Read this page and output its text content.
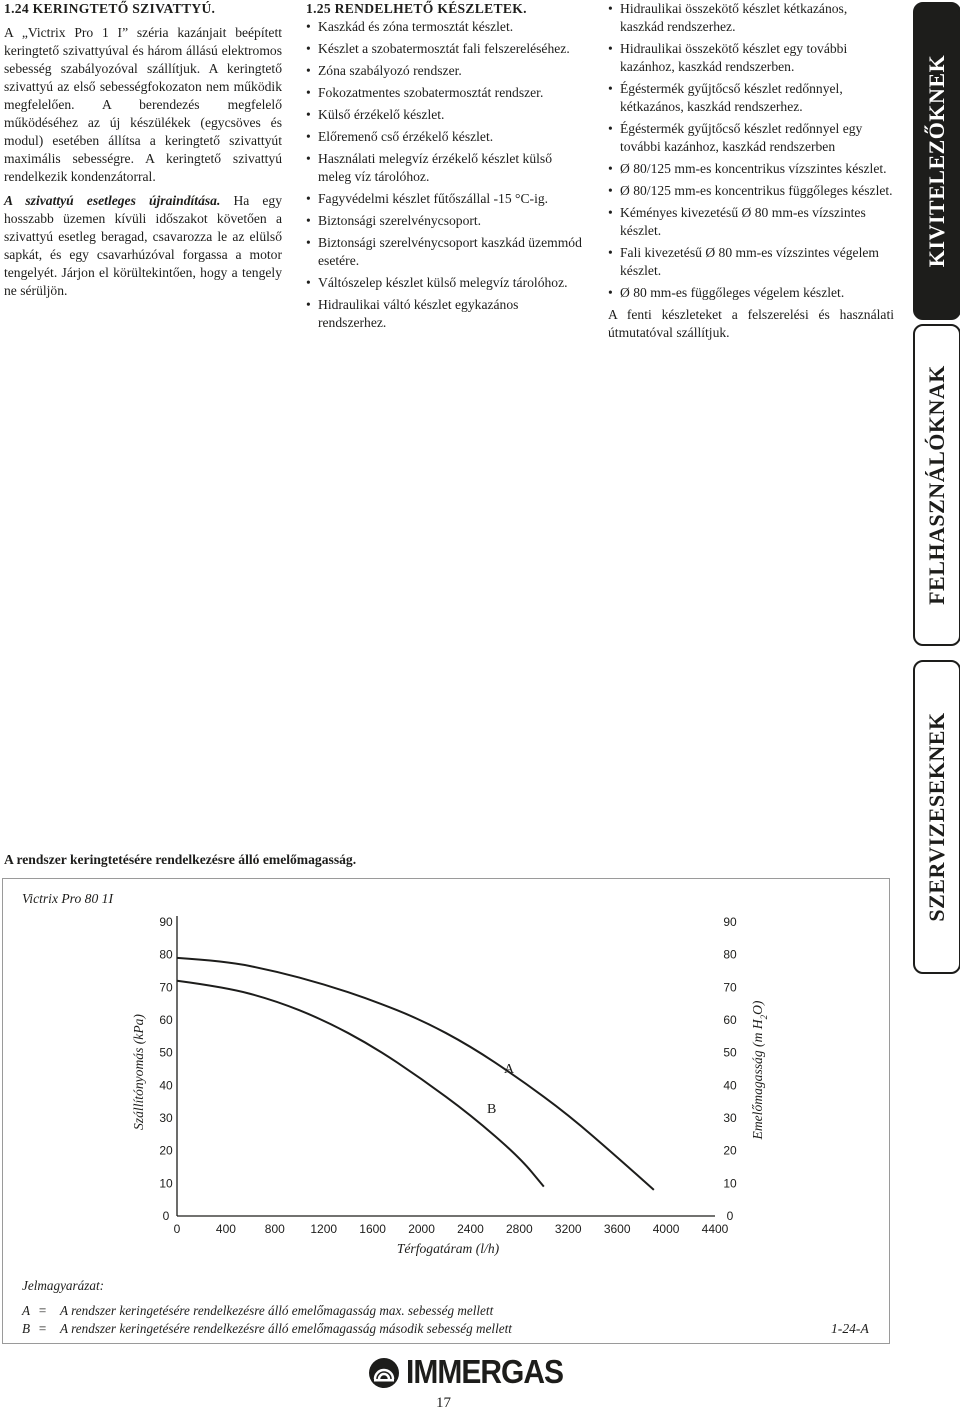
1.24 KERINGTETŐ SZIVATTYÚ.

A „Victrix Pro 1 I” széria kazánjait beépített keringtető szivattyúval és három állású elektromos sebesség szabályozóval szállítjuk. A keringtető szivattyú az első sebességfokozaton nem működik megfelelően. A berendezés megfelelő működéséhez az új készülékek (egycsöves és modul) esetében állítsa a keringtető szivattyút maximális sebességre. A keringtető szivattyú rendelkezik kondenzátorral.

A szivattyú esetleges újraindítása. Ha egy hosszabb üzemen kívüli időszakot követően a szivattyú esetleg beragad, csavarozza le az elülső sapkát, és egy csavarhúzóval forgassa a motor tengelyét. Járjon el körültekintően, hogy a tengely ne sérüljön.

1.25 RENDELHETŐ KÉSZLETEK.

• Kaszkád és zóna termosztát készlet.
• Készlet a szobatermosztát fali felszereléséhez.
• Zóna szabályozó rendszer.
• Fokozatmentes szobatermosztát rendszer.
• Külső érzékelő készlet.
• Előremenő cső érzékelő készlet.
• Használati melegvíz érzékelő készlet külső meleg víz tárolóhoz.
• Fagyvédelmi készlet fűtőszállal -15 °C-ig.
• Biztonsági szerelvénycsoport.
• Biztonsági szerelvénycsoport kaszkád üzemmód esetére.
• Váltószelep készlet külső melegvíz tárolóhoz.
• Hidraulikai váltó készlet egykazános rendszerhez.
• Hidraulikai összekötő készlet kétkazános, kaszkád rendszerhez.
• Hidraulikai összekötő készlet egy további kazánhoz, kaszkád rendszerben.
• Égéstermék gyűjtőcső készlet redőnnyel, kétkazános, kaszkád rendszerhez.
• Égéstermék gyűjtőcső készlet redőnnyel egy további kazánhoz, kaszkád rendszerben
• Ø 80/125 mm-es koncentrikus vízszintes készlet.
• Ø 80/125 mm-es koncentrikus függőleges készlet.
• Kéményes kivezetésű Ø 80 mm-es vízszintes készlet.
• Fali kivezetésű Ø 80 mm-es vízszintes végelem készlet.
• Ø 80 mm-es függőleges végelem készlet.

A fenti készleteket a felszerelési és használati útmutatóval szállítjuk.

KIVITELEZŐKNEK
FELHASZNÁLÓKNAK
SZERVIZESEKNEK
A rendszer keringtetésére rendelkezésre álló emelőmagasság.
Victrix Pro 80 1I
0	400 800 1200 1600 2000 2400 2800 3200 3600 4000 4400
0
10
20
30
40
50
60
70
80
90
0
10
20
30
40
50
60
70
80
90
Térfogatáram (l/h)
Szállítónyomás (kPa)	Emelőmagasság (m $H_2O$)
A
B
Jelmagyarázat:
A = A rendszer keringetésére rendelkezésre álló emelőmagasság max. sebesség mellett
B = A rendszer keringetésére rendelkezésre álló emelőmagasság második sebesség mellett	1-24-A
IMMERGAS
17
